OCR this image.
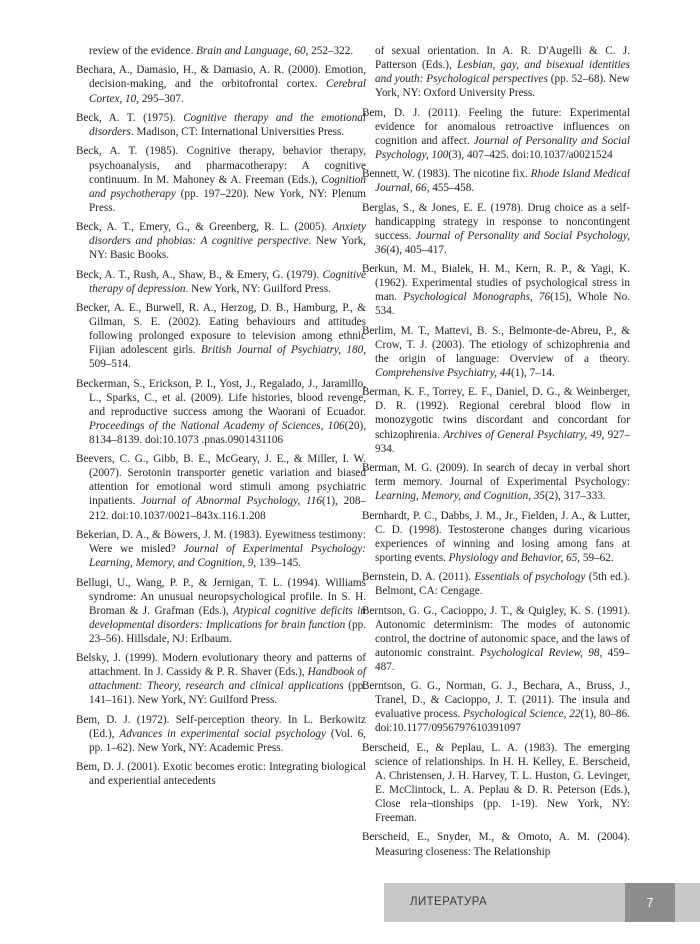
review of the evidence. Brain and Language, 60, 252–322.

Bechara, A., Damasio, H., & Damasio, A. R. (2000). Emotion, decision-making, and the orbitofrontal cortex. Cerebral Cortex, 10, 295–307.

Beck, A. T. (1975). Cognitive therapy and the emotional disorders. Madison, CT: International Universities Press.

Beck, A. T. (1985). Cognitive therapy, behavior therapy, psychoanalysis, and pharmacotherapy: A cognitive continuum. In M. Mahoney & A. Freeman (Eds.), Cognition and psychotherapy (pp. 197–220). New York, NY: Plenum Press.

Beck, A. T., Emery, G., & Greenberg, R. L. (2005). Anxiety disorders and phobias: A cognitive perspective. New York, NY: Basic Books.

Beck, A. T., Rush, A., Shaw, B., & Emery, G. (1979). Cognitive therapy of depression. New York, NY: Guilford Press.

Becker, A. E., Burwell, R. A., Herzog, D. B., Hamburg, P., & Gilman, S. E. (2002). Eating behaviours and attitudes following prolonged exposure to television among ethnic Fijian adolescent girls. British Journal of Psychiatry, 180, 509–514.

Beckerman, S., Erickson, P. I., Yost, J., Regalado, J., Jaramillo, L., Sparks, C., et al. (2009). Life histories, blood revenge, and reproductive success among the Waorani of Ecuador. Proceedings of the National Academy of Sciences, 106(20), 8134–8139. doi:10.1073 .pnas.0901431106

Beevers, C. G., Gibb, B. E., McGeary, J. E., & Miller, I. W. (2007). Serotonin transporter genetic variation and biased attention for emotional word stimuli among psychiatric inpatients. Journal of Abnormal Psychology, 116(1), 208–212. doi:10.1037/0021–843x.116.1.208

Bekerian, D. A., & Bowers, J. M. (1983). Eyewitness testimony: Were we misled? Journal of Experimental Psychology: Learning, Memory, and Cognition, 9, 139–145.

Bellugi, U., Wang, P. P., & Jernigan, T. L. (1994). Williams syndrome: An unusual neuropsychological profile. In S. H. Broman & J. Grafman (Eds.), Atypical cognitive deficits in developmental disorders: Implications for brain function (pp. 23–56). Hillsdale, NJ: Erlbaum.

Belsky, J. (1999). Modern evolutionary theory and patterns of attachment. In J. Cassidy & P. R. Shaver (Eds.), Handbook of attachment: Theory, research and clinical applications (pp. 141–161). New York, NY: Guilford Press.

Bem, D. J. (1972). Self-perception theory. In L. Berkowitz (Ed.), Advances in experimental social psychology (Vol. 6, pp. 1–62). New York, NY: Academic Press.

Bem, D. J. (2001). Exotic becomes erotic: Integrating biological and experiential antecedents

of sexual orientation. In A. R. D'Augelli & C. J. Patterson (Eds.), Lesbian, gay, and bisexual identities and youth: Psychological perspectives (pp. 52–68). New York, NY: Oxford University Press.

Bem, D. J. (2011). Feeling the future: Experimental evidence for anomalous retroactive influences on cognition and affect. Journal of Personality and Social Psychology, 100(3), 407–425. doi:10.1037/a0021524

Bennett, W. (1983). The nicotine fix. Rhode Island Medical Journal, 66, 455–458.

Berglas, S., & Jones, E. E. (1978). Drug choice as a self-handicapping strategy in response to noncontingent success. Journal of Personality and Social Psychology, 36(4), 405–417.

Berkun, M. M., Bialek, H. M., Kern, R. P., & Yagi, K. (1962). Experimental studies of psychological stress in man. Psychological Monographs, 76(15), Whole No. 534.

Berlim, M. T., Mattevi, B. S., Belmonte-de-Abreu, P., & Crow, T. J. (2003). The etiology of schizophrenia and the origin of language: Overview of a theory. Comprehensive Psychiatry, 44(1), 7–14.

Berman, K. F., Torrey, E. F., Daniel, D. G., & Weinberger, D. R. (1992). Regional cerebral blood flow in monozygotic twins discordant and concordant for schizophrenia. Archives of General Psychiatry, 49, 927–934.

Berman, M. G. (2009). In search of decay in verbal short term memory. Journal of Experimental Psychology: Learning, Memory, and Cognition, 35(2), 317–333.

Bernhardt, P. C., Dabbs, J. M., Jr., Fielden, J. A., & Lutter, C. D. (1998). Testosterone changes during vicarious experiences of winning and losing among fans at sporting events. Physiology and Behavior, 65, 59–62.

Bernstein, D. A. (2011). Essentials of psychology (5th ed.). Belmont, CA: Cengage.

Berntson, G. G., Cacioppo, J. T., & Quigley, K. S. (1991). Autonomic determinism: The modes of autonomic control, the doctrine of autonomic space, and the laws of autonomic constraint. Psychological Review, 98, 459–487.

Berntson, G. G., Norman, G. J., Bechara, A., Bruss, J., Tranel, D., & Cacioppo, J. T. (2011). The insula and evaluative process. Psychological Science, 22(1), 80–86. doi:10.1177/0956797610391097

Berscheid, E., & Peplau, L. A. (1983). The emerging science of relationships. In H. H. Kelley, E. Berscheid, A. Christensen, J. H. Harvey, T. L. Huston, G. Levinger, E. McClintock, L. A. Peplau & D. R. Peterson (Eds.), Close rela¬tionships (pp. 1-19). New York, NY: Freeman.

Berscheid, E., Snyder, M., & Omoto, A. M. (2004). Measuring closeness: The Relationship

ЛИТЕРАТУРА	7
